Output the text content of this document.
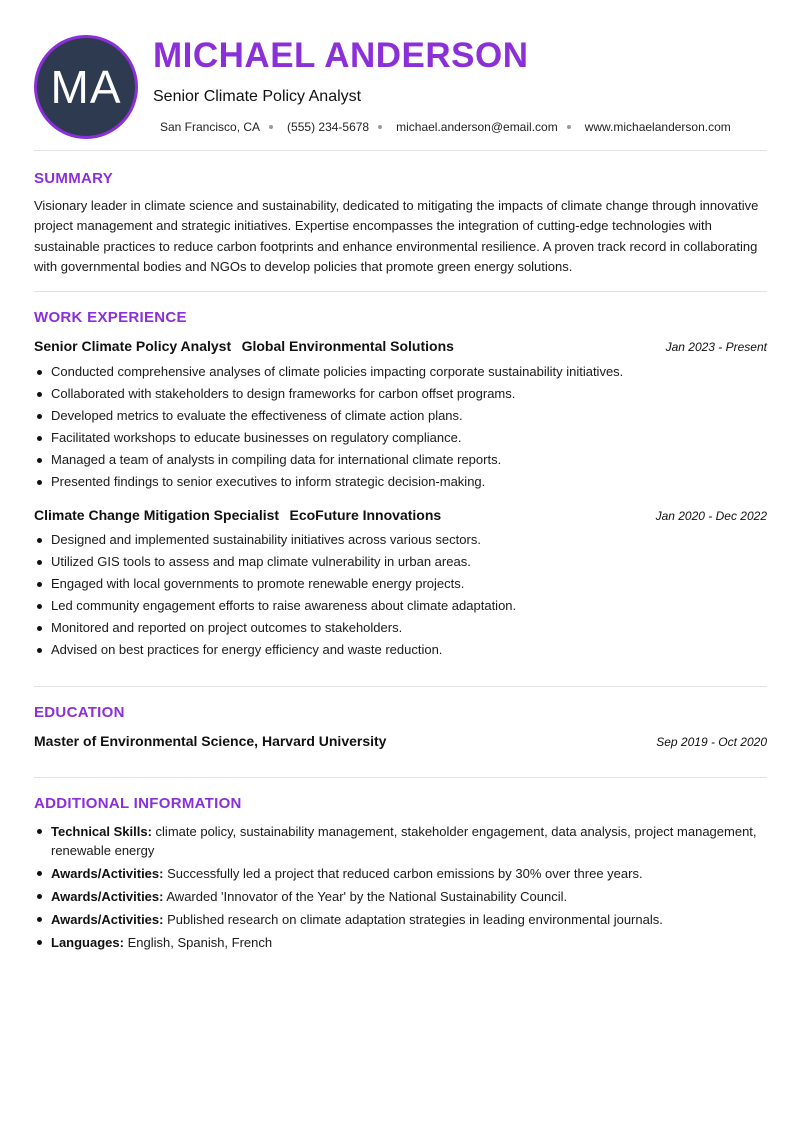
MA
MICHAEL ANDERSON

Senior Climate Policy Analyst

San Francisco, CA (555) 234-5678 michael.anderson@email.com www.michaelanderson.com
SUMMARY

Visionary leader in climate science and sustainability, dedicated to mitigating the impacts of climate change through innovative project management and strategic initiatives. Expertise encompasses the integration of cutting-edge technologies with sustainable practices to reduce carbon footprints and enhance environmental resilience. A proven track record in collaborating with governmental bodies and NGOs to develop policies that promote green energy solutions.

WORK EXPERIENCE
Senior Climate Policy Analyst Global Environmental Solutions	Jan 2023 - Present
Conducted comprehensive analyses of climate policies impacting corporate sustainability initiatives.
Collaborated with stakeholders to design frameworks for carbon offset programs.
Developed metrics to evaluate the effectiveness of climate action plans.
Facilitated workshops to educate businesses on regulatory compliance.
Managed a team of analysts in compiling data for international climate reports.
Presented findings to senior executives to inform strategic decision-making.
Climate Change Mitigation Specialist EcoFuture Innovations	Jan 2020 - Dec 2022
Designed and implemented sustainability initiatives across various sectors.
Utilized GIS tools to assess and map climate vulnerability in urban areas.
Engaged with local governments to promote renewable energy projects.
Led community engagement efforts to raise awareness about climate adaptation.
Monitored and reported on project outcomes to stakeholders.
Advised on best practices for energy efficiency and waste reduction.
EDUCATION
Master of Environmental Science, Harvard University	Sep 2019 - Oct 2020
ADDITIONAL INFORMATION
Technical Skills: climate policy, sustainability management, stakeholder engagement, data analysis, project management, renewable energy
Awards/Activities: Successfully led a project that reduced carbon emissions by 30% over three years.
Awards/Activities: Awarded 'Innovator of the Year' by the National Sustainability Council.
Awards/Activities: Published research on climate adaptation strategies in leading environmental journals.
Languages: English, Spanish, French
